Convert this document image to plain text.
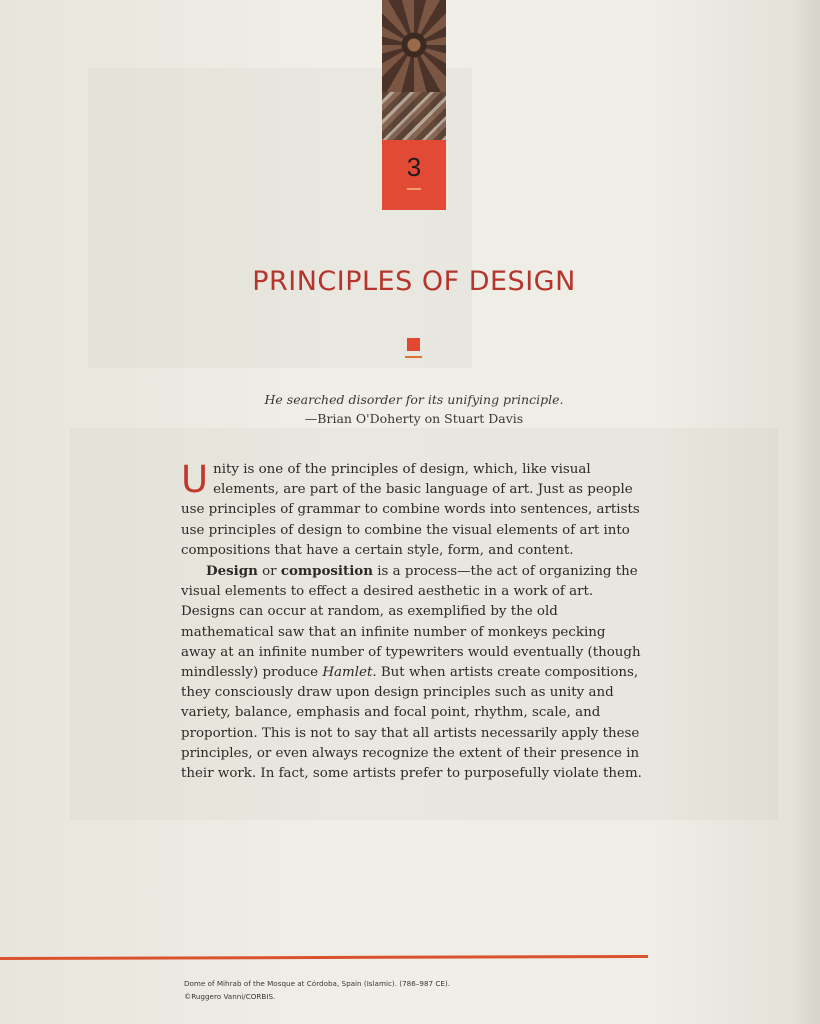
3
PRINCIPLES OF DESIGN
He searched disorder for its unifying principle.
—Brian O'Doherty on Stuart Davis

Unity is one of the principles of design, which, like visual elements, are part of the basic language of art. Just as people use principles of grammar to combine words into sentences, artists use principles of design to combine the visual elements of art into compositions that have a certain style, form, and content.

Design or composition is a process—the act of organizing the visual elements to effect a desired aesthetic in a work of art. Designs can occur at random, as exemplified by the old mathematical saw that an infinite number of monkeys pecking away at an infinite number of typewriters would eventually (though mindlessly) produce Hamlet. But when artists create compositions, they consciously draw upon design principles such as unity and variety, balance, emphasis and focal point, rhythm, scale, and proportion. This is not to say that all artists necessarily apply these principles, or even always recognize the extent of their presence in their work. In fact, some artists prefer to purposefully violate them.

Dome of Mihrab of the Mosque at Córdoba, Spain (Islamic). (786–987 CE).
©Ruggero Vanni/CORBIS.
